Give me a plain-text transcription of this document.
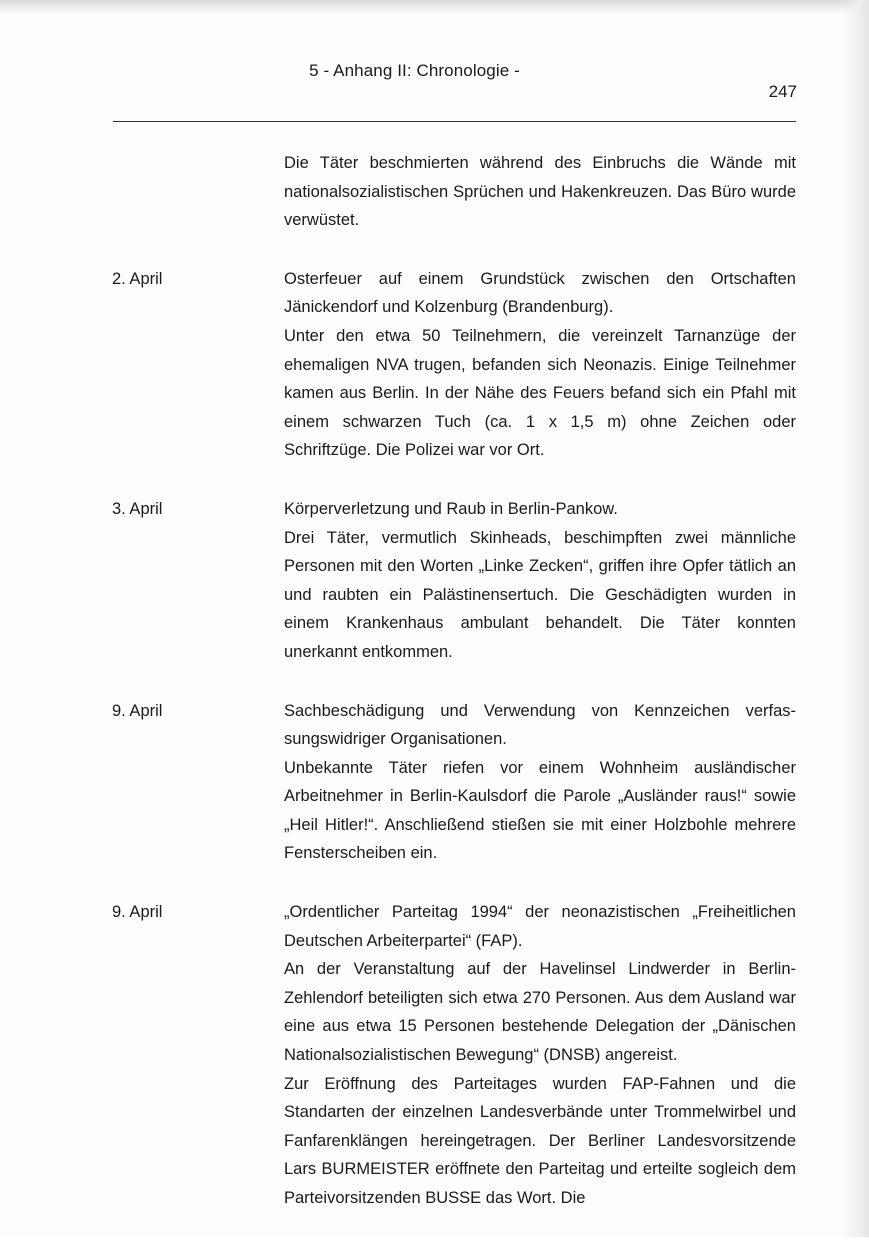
5 - Anhang II: Chronologie -
247

Die Täter beschmierten während des Einbruchs die Wände mit nationalsozialistischen Sprüchen und Hakenkreuzen. Das Büro wurde verwüstet.

2. April	Osterfeuer auf einem Grundstück zwischen den Ortschaften Jänickendorf und Kolzenburg (Brandenburg).

Unter den etwa 50 Teilnehmern, die vereinzelt Tarnanzüge der ehemaligen NVA trugen, befanden sich Neonazis. Einige Teilnehmer kamen aus Berlin. In der Nähe des Feuers befand sich ein Pfahl mit einem schwarzen Tuch (ca. 1 x 1,5 m) ohne Zeichen oder Schriftzüge. Die Polizei war vor Ort.

3. April	Körperverletzung und Raub in Berlin-Pankow.

Drei Täter, vermutlich Skinheads, beschimpften zwei männliche Personen mit den Worten „Linke Zecken“, griffen ihre Opfer tätlich an und raubten ein Palästinensertuch. Die Geschädigten wurden in einem Krankenhaus ambulant behandelt. Die Täter konnten unerkannt entkommen.

9. April	Sachbeschädigung und Verwendung von Kennzeichen verfassungswidriger Organisationen.

Unbekannte Täter riefen vor einem Wohnheim ausländischer Arbeitnehmer in Berlin-Kaulsdorf die Parole „Ausländer raus!“ sowie „Heil Hitler!“. Anschließend stießen sie mit einer Holzbohle mehrere Fensterscheiben ein.

9. April	„Ordentlicher Parteitag 1994“ der neonazistischen „Freiheitlichen Deutschen Arbeiterpartei“ (FAP).

An der Veranstaltung auf der Havelinsel Lindwerder in Berlin-Zehlendorf beteiligten sich etwa 270 Personen. Aus dem Ausland war eine aus etwa 15 Personen bestehende Delegation der „Dänischen Nationalsozialistischen Bewegung“ (DNSB) angereist.

Zur Eröffnung des Parteitages wurden FAP-Fahnen und die Standarten der einzelnen Landesverbände unter Trommelwirbel und Fanfarenklängen hereingetragen. Der Berliner Landesvorsitzende Lars BURMEISTER eröffnete den Parteitag und erteilte sogleich dem Parteivorsitzenden BUSSE das Wort. Die
